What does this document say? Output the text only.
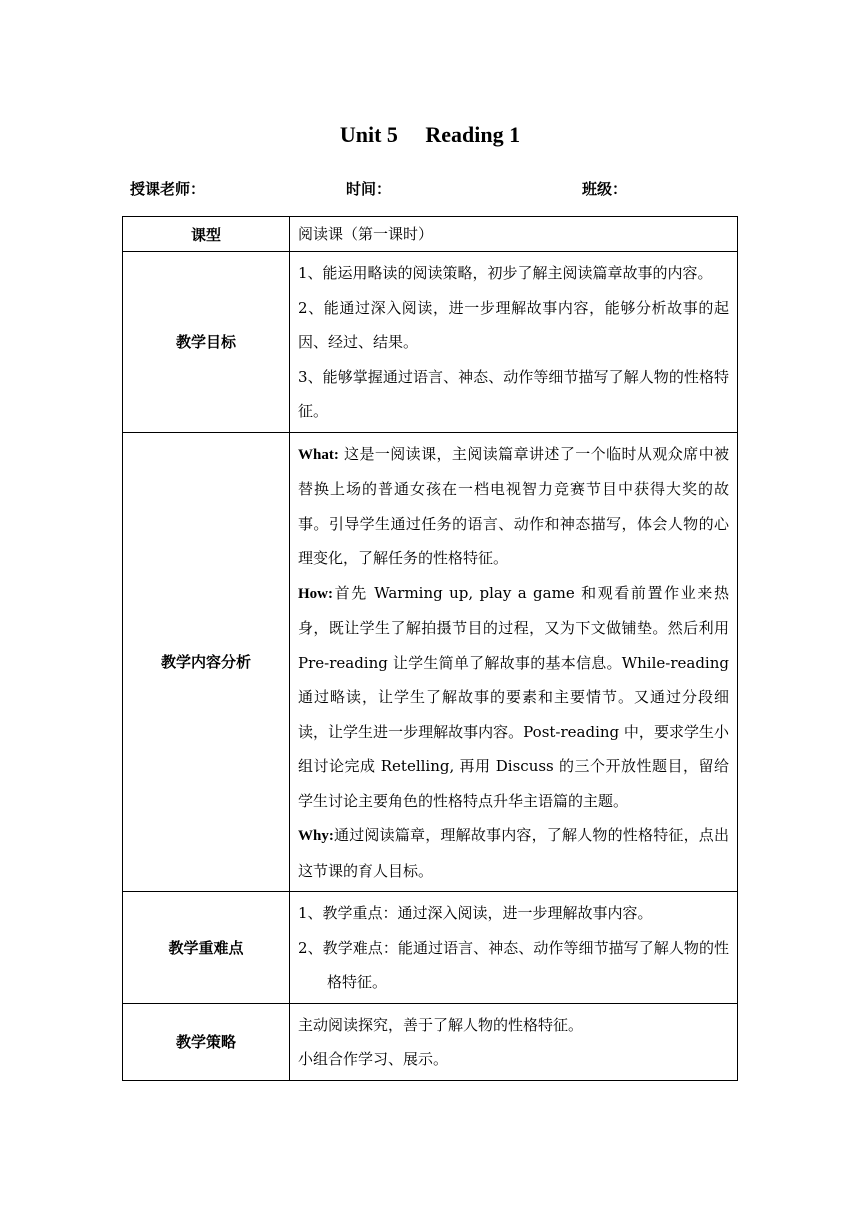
Unit 5　 Reading 1

授课老师：	时间：	班级：

课型	阅读课（第一课时）

教学目标	1、能运用略读的阅读策略，初步了解主阅读篇章故事的内容。

2、能通过深入阅读，进一步理解故事内容，能够分析故事的起因、经过、结果。

3、能够掌握通过语言、神态、动作等细节描写了解人物的性格特征。

教学内容分析	What: 这是一阅读课，主阅读篇章讲述了一个临时从观众席中被替换上场的普通女孩在一档电视智力竞赛节目中获得大奖的故事。引导学生通过任务的语言、动作和神态描写，体会人物的心理变化，了解任务的性格特征。

How:首先 Warming up, play a game 和观看前置作业来热身，既让学生了解拍摄节目的过程，又为下文做铺垫。然后利用 Pre-reading 让学生简单了解故事的基本信息。While-reading 通过略读，让学生了解故事的要素和主要情节。又通过分段细读，让学生进一步理解故事内容。Post-reading 中，要求学生小组讨论完成 Retelling, 再用 Discuss 的三个开放性题目，留给学生讨论主要角色的性格特点升华主语篇的主题。

Why:通过阅读篇章，理解故事内容，了解人物的性格特征，点出这节课的育人目标。

教学重难点	1、教学重点：通过深入阅读，进一步理解故事内容。

2、教学难点：能通过语言、神态、动作等细节描写了解人物的性格特征。

教学策略	主动阅读探究，善于了解人物的性格特征。

小组合作学习、展示。
